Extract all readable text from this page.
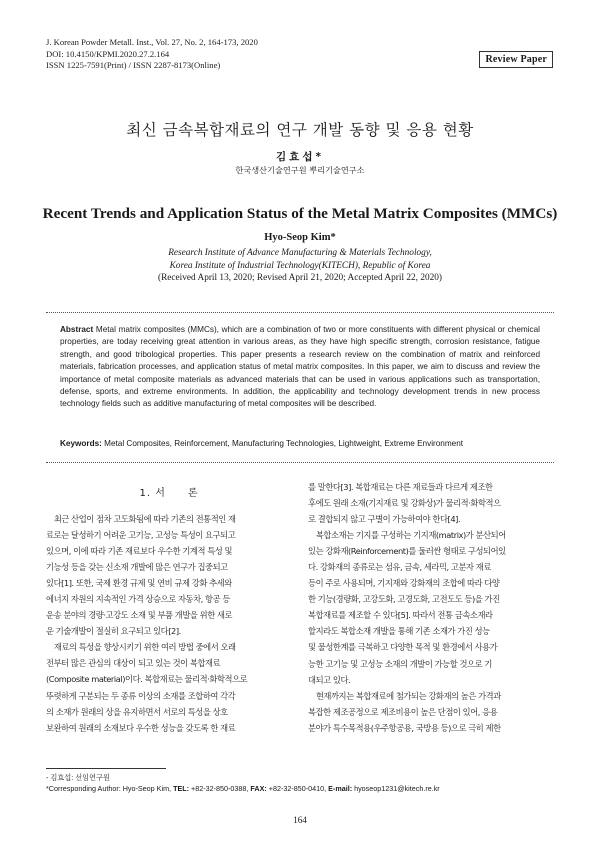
J. Korean Powder Metall. Inst., Vol. 27, No. 2, 164-173, 2020
DOI: 10.4150/KPMI.2020.27.2.164
ISSN 1225-7591(Print) / ISSN 2287-8173(Online)
Review Paper
최신 금속복합재료의 연구 개발 동향 및 응용 현황
김효섭*
한국생산기술연구원 뿌리기술연구소
Recent Trends and Application Status of the Metal Matrix Composites (MMCs)
Hyo-Seop Kim*
Research Institute of Advance Manufacturing & Materials Technology,
Korea Institute of Industrial Technology(KITECH), Republic of Korea
(Received April 13, 2020; Revised April 21, 2020; Accepted April 22, 2020)
Abstract Metal matrix composites (MMCs), which are a combination of two or more constituents with different physical or chemical properties, are today receiving great attention in various areas, as they have high specific strength, corrosion resistance, fatigue strength, and good tribological properties. This paper presents a research review on the combination of matrix and reinforced materials, fabrication processes, and application status of metal matrix composites. In this paper, we aim to discuss and review the importance of metal composite materials as advanced materials that can be used in various applications such as transportation, defense, sports, and extreme environments. In addition, the applicability and technology development trends in new process technology fields such as additive manufacturing of metal composites will be described.
Keywords: Metal Composites, Reinforcement, Manufacturing Technologies, Lightweight, Extreme Environment
1. 서　　론
　최근 산업이 점차 고도화됨에 따라 기존의 전통적인 재
료로는 달성하기 어려운 고기능, 고성능 특성이 요구되고
있으며, 이에 따라 기존 재료보다 우수한 기계적 특성 및
기능성 등을 갖는 신소재 개발에 많은 연구가 집중되고
있다[1]. 또한, 국제 환경 규제 및 연비 규제 강화 추세와
에너지 자원의 지속적인 가격 상승으로 자동차, 항공 등
운송 분야의 경량·고강도 소재 및 부품 개발을 위한 새로
운 기술개발이 절실히 요구되고 있다[2].
　재료의 특성을 향상시키기 위한 여러 방법 중에서 오래
전부터 많은 관심의 대상이 되고 있는 것이 복합재료
(Composite material)이다. 복합재료는 물리적·화학적으로
뚜렷하게 구분되는 두 종류 이상의 소재를 조합하여 각각
의 소재가 원래의 상을 유지하면서 서로의 특성을 상호
보완하여 원래의 소재보다 우수한 성능을 갖도록 한 재료
를 말한다[3]. 복합재료는 다른 재료들과 다르게 제조한
후에도 원래 소재(기지재료 및 강화상)가 물리적·화학적으
로 결합되지 않고 구별이 가능하여야 한다[4].
　복합소재는 기지를 구성하는 기지재(matrix)가 분산되어
있는 강화재(Reinforcement)를 둘러싼 형태로 구성되어있
다. 강화재의 종류로는 섬유, 금속, 세라믹, 고분자 재료
등이 주로 사용되며, 기지재와 강화재의 조합에 따라 다양
한 기능(경량화, 고강도화, 고경도화, 고전도도 등)을 가진
복합재료를 제조할 수 있다[5]. 따라서 전통 금속소재라
할지라도 복합소재 개발을 통해 기존 소재가 가진 성능
및 물성한계를 극복하고 다양한 목적 및 환경에서 사용가
능한 고기능 및 고성능 소재의 개발이 가능할 것으로 기
대되고 있다.
　현재까지는 복합재료에 첨가되는 강화재의 높은 가격과
복잡한 제조공정으로 제조비용이 높은 단점이 있어, 응용
분야가 특수목적용(우주항공용, 국방용 등)으로 극히 제한
- 김효섭: 선임연구원
*Corresponding Author: Hyo-Seop Kim, TEL: +82-32-850-0388, FAX: +82-32-850-0410, E-mail: hyoseop1231@kitech.re.kr
164
